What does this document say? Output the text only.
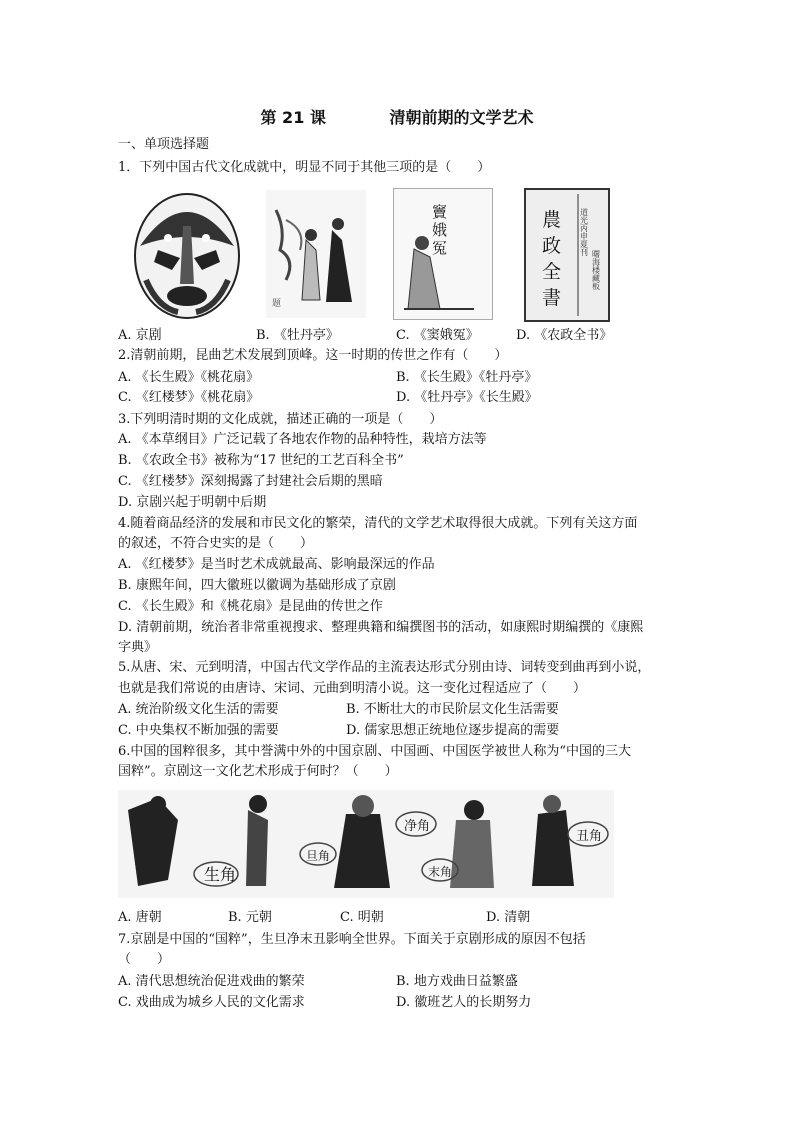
第 21 课	清朝前期的文学艺术
一、单项选择题
1．下列中国古代文化成就中，明显不同于其他三项的是（　　）
題
竇
娥
冤
農
政
全
書
道光丙申夏刊
曙海楼藏板
A. 京剧	B. 《牡丹亭》	C. 《窦娥冤》	D. 《农政全书》
2.清朝前期，昆曲艺术发展到顶峰。这一时期的传世之作有（　　）
A. 《长生殿》《桃花扇》	B. 《长生殿》《牡丹亭》
C. 《红楼梦》《桃花扇》	D. 《牡丹亭》《长生殿》
3.下列明清时期的文化成就，描述正确的一项是（　　）
A. 《本草纲目》广泛记载了各地农作物的品种特性，栽培方法等
B. 《农政全书》被称为“17 世纪的工艺百科全书”
C. 《红楼梦》深刻揭露了封建社会后期的黑暗
D. 京剧兴起于明朝中后期
4.随着商品经济的发展和市民文化的繁荣，清代的文学艺术取得很大成就。下列有关这方面
的叙述，不符合史实的是（　　）
A. 《红楼梦》是当时艺术成就最高、影响最深远的作品
B. 康熙年间，四大徽班以徽调为基础形成了京剧
C. 《长生殿》和《桃花扇》是昆曲的传世之作
D. 清朝前期，统治者非常重视搜求、整理典籍和编撰图书的活动，如康熙时期编撰的《康熙
字典》
5.从唐、宋、元到明清，中国古代文学作品的主流表达形式分别由诗、词转变到曲再到小说，
也就是我们常说的由唐诗、宋词、元曲到明清小说。这一变化过程适应了（　　）
A. 统治阶级文化生活的需要	B. 不断壮大的市民阶层文化生活需要
C. 中央集权不断加强的需要	D. 儒家思想正统地位逐步提高的需要
6.中国的国粹很多，其中誉满中外的中国京剧、中国画、中国医学被世人称为“中国的三大
国粹”。京剧这一文化艺术形成于何时？（　　）
生角
旦角
净角
末角
丑角
A. 唐朝	B. 元朝	C. 明朝	D. 清朝
7.京剧是中国的“国粹”，生旦净末丑影响全世界。下面关于京剧形成的原因不包括
（　　）
A. 清代思想统治促进戏曲的繁荣	B. 地方戏曲日益繁盛
C. 戏曲成为城乡人民的文化需求	D. 徽班艺人的长期努力
